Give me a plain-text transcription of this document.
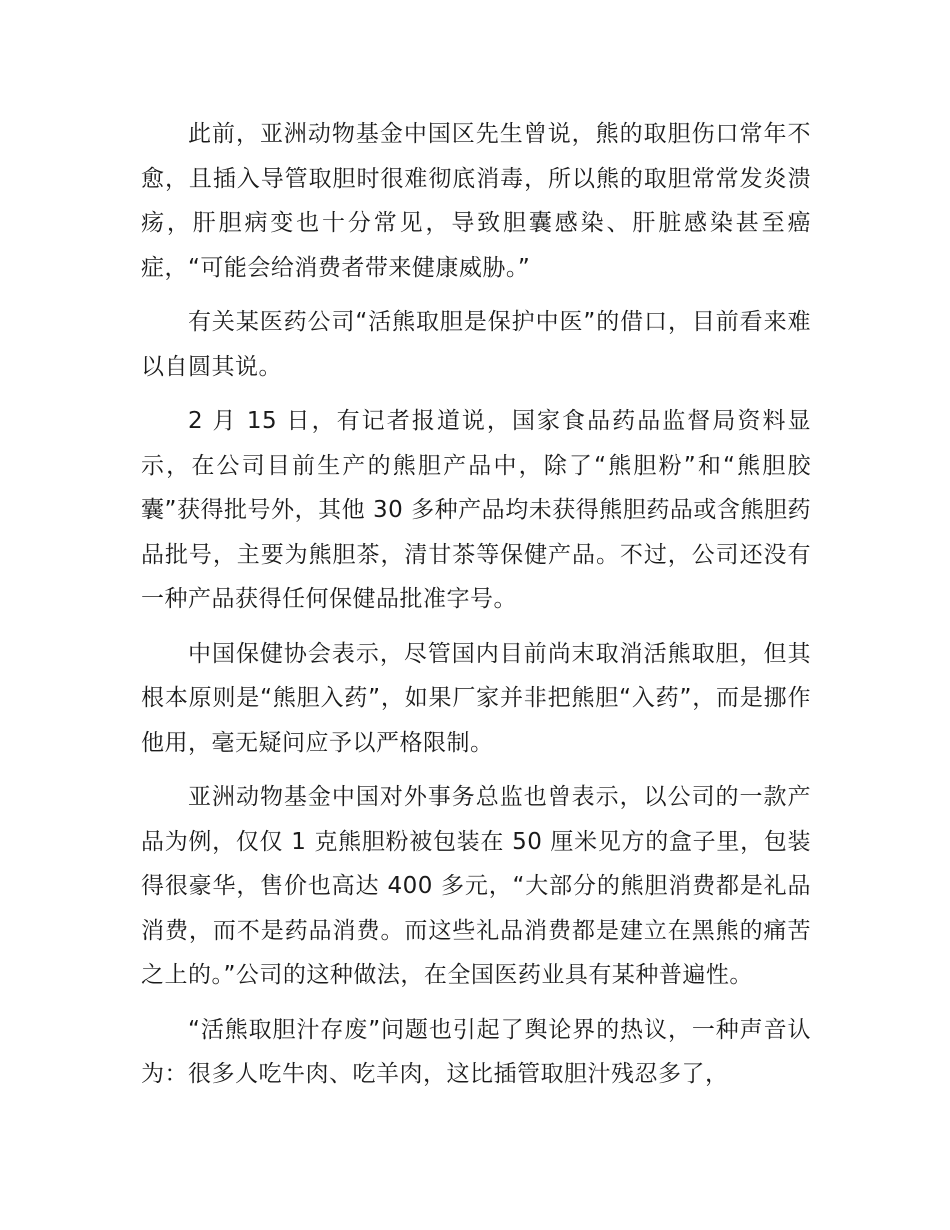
此前，亚洲动物基金中国区先生曾说，熊的取胆伤口常年不愈，且插入导管取胆时很难彻底消毒，所以熊的取胆常常发炎溃疡，肝胆病变也十分常见，导致胆囊感染、肝脏感染甚至癌症，“可能会给消费者带来健康威胁。”

有关某医药公司“活熊取胆是保护中医”的借口，目前看来难以自圆其说。

2 月 15 日，有记者报道说，国家食品药品监督局资料显示，在公司目前生产的熊胆产品中，除了“熊胆粉”和“熊胆胶囊”获得批号外，其他 30 多种产品均未获得熊胆药品或含熊胆药品批号，主要为熊胆茶，清甘茶等保健产品。不过，公司还没有一种产品获得任何保健品批准字号。

中国保健协会表示，尽管国内目前尚末取消活熊取胆，但其根本原则是“熊胆入药”，如果厂家并非把熊胆“入药”，而是挪作他用，毫无疑问应予以严格限制。

亚洲动物基金中国对外事务总监也曾表示，以公司的一款产品为例，仅仅 1 克熊胆粉被包装在 50 厘米见方的盒子里，包装得很豪华，售价也高达 400 多元，“大部分的熊胆消费都是礼品消费，而不是药品消费。而这些礼品消费都是建立在黑熊的痛苦之上的。”公司的这种做法，在全国医药业具有某种普遍性。

“活熊取胆汁存废”问题也引起了舆论界的热议，一种声音认为：很多人吃牛肉、吃羊肉，这比插管取胆汁残忍多了，
